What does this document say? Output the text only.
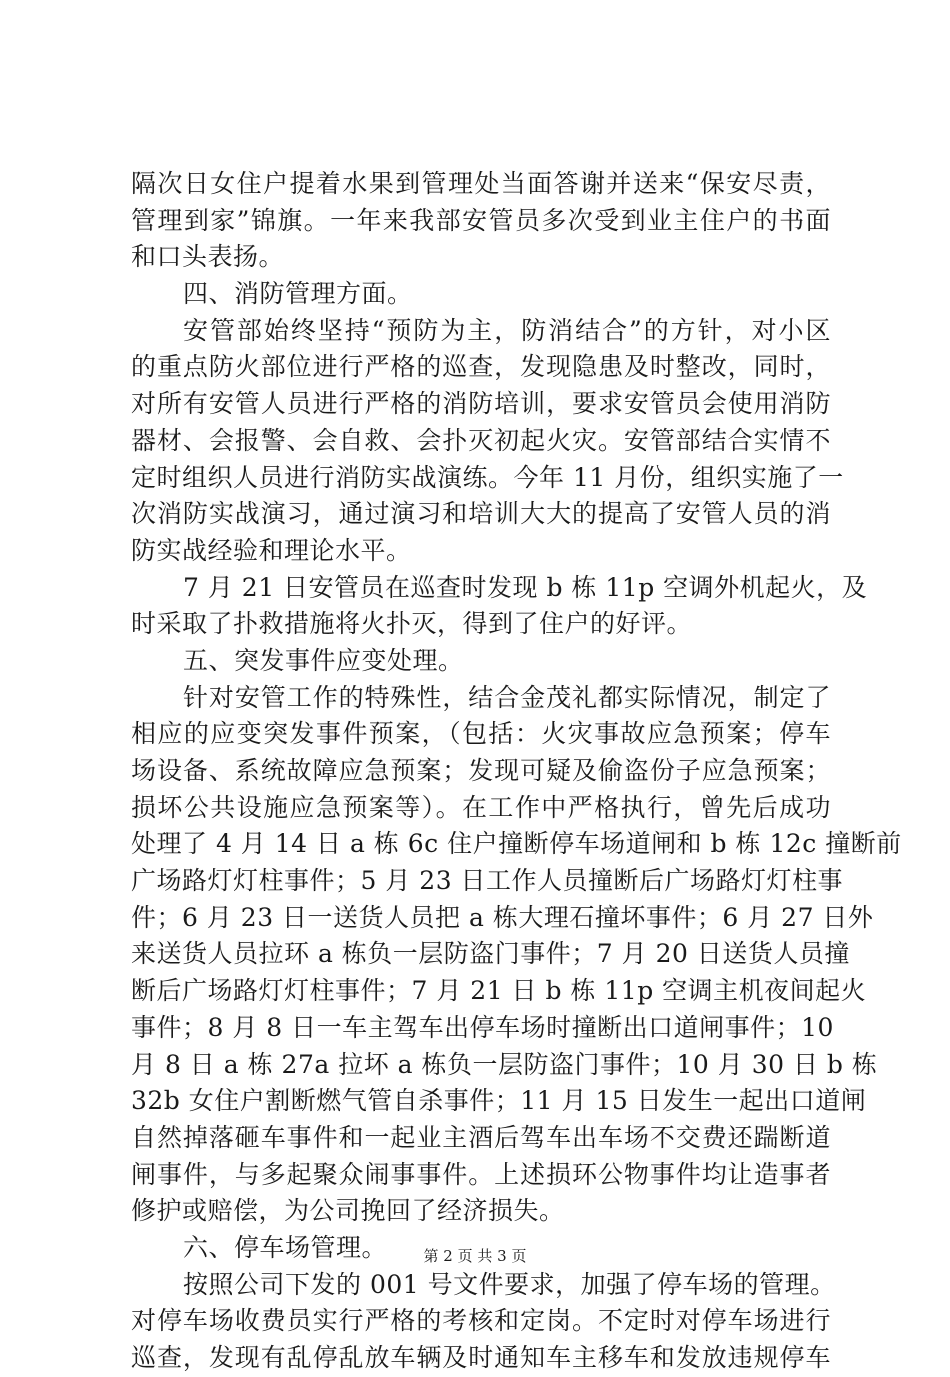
隔次日女住户提着水果到管理处当面答谢并送来“保安尽责，
管理到家”锦旗。一年来我部安管员多次受到业主住户的书面
和口头表扬。
四、消防管理方面。
安管部始终坚持“预防为主，防消结合”的方针，对小区
的重点防火部位进行严格的巡查，发现隐患及时整改，同时，
对所有安管人员进行严格的消防培训，要求安管员会使用消防
器材、会报警、会自救、会扑灭初起火灾。安管部结合实情不
定时组织人员进行消防实战演练。今年 11 月份，组织实施了一
次消防实战演习，通过演习和培训大大的提高了安管人员的消
防实战经验和理论水平。
7 月 21 日安管员在巡查时发现 b 栋 11p 空调外机起火，及
时采取了扑救措施将火扑灭，得到了住户的好评。
五、突发事件应变处理。
针对安管工作的特殊性，结合金茂礼都实际情况，制定了
相应的应变突发事件预案，（包括：火灾事故应急预案；停车
场设备、系统故障应急预案；发现可疑及偷盗份子应急预案；
损坏公共设施应急预案等）。在工作中严格执行，曾先后成功
处理了 4 月 14 日 a 栋 6c 住户撞断停车场道闸和 b 栋 12c 撞断前
广场路灯灯柱事件；5 月 23 日工作人员撞断后广场路灯灯柱事
件；6 月 23 日一送货人员把 a 栋大理石撞坏事件；6 月 27 日外
来送货人员拉环 a 栋负一层防盗门事件；7 月 20 日送货人员撞
断后广场路灯灯柱事件；7 月 21 日 b 栋 11p 空调主机夜间起火
事件；8 月 8 日一车主驾车出停车场时撞断出口道闸事件；10
月 8 日 a 栋 27a 拉坏 a 栋负一层防盗门事件；10 月 30 日 b 栋
32b 女住户割断燃气管自杀事件；11 月 15 日发生一起出口道闸
自然掉落砸车事件和一起业主酒后驾车出车场不交费还踹断道
闸事件，与多起聚众闹事事件。上述损环公物事件均让造事者
修护或赔偿，为公司挽回了经济损失。
六、停车场管理。
按照公司下发的 001 号文件要求，加强了停车场的管理。
对停车场收费员实行严格的考核和定岗。不定时对停车场进行
巡查，发现有乱停乱放车辆及时通知车主移车和发放违规停车
第 2 页 共 3 页
